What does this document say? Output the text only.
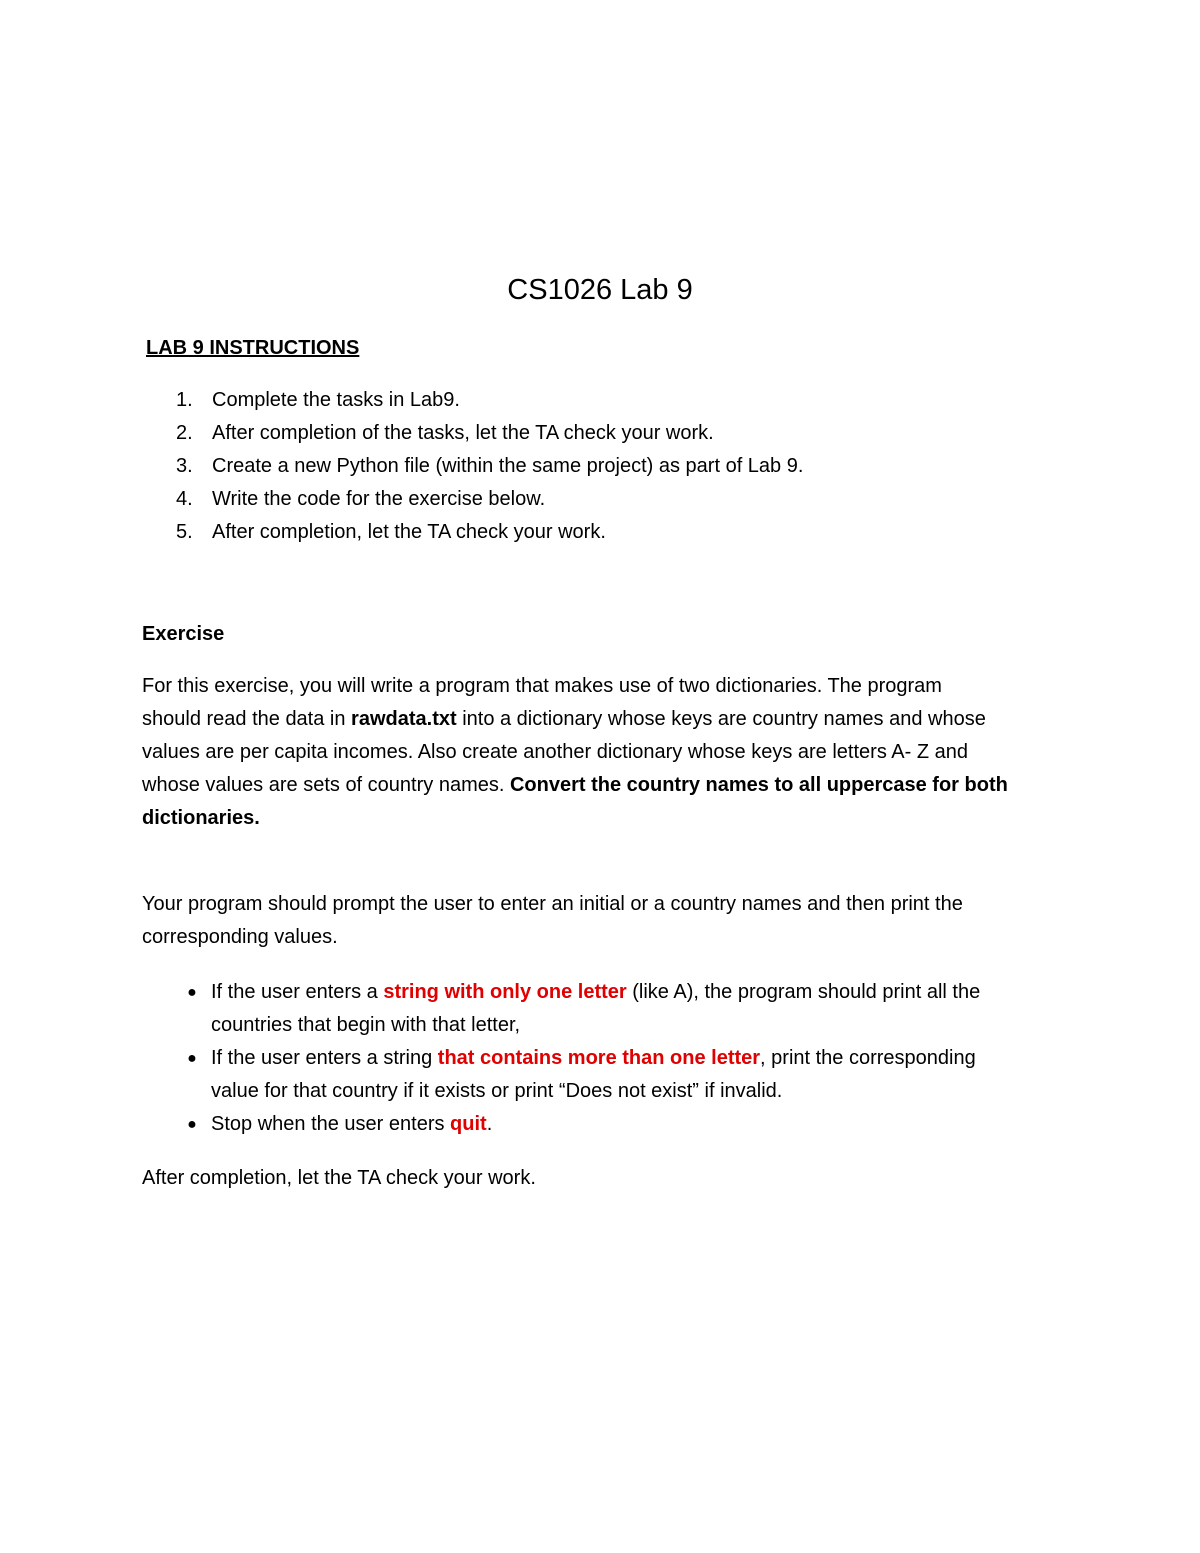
CS1026 Lab 9
LAB 9 INSTRUCTIONS
1. Complete the tasks in Lab9.
2. After completion of the tasks, let the TA check your work.
3. Create a new Python file (within the same project) as part of Lab 9.
4. Write the code for the exercise below.
5. After completion, let the TA check your work.
Exercise

For this exercise, you will write a program that makes use of two dictionaries. The program
should read the data in rawdata.txt into a dictionary whose keys are country names and whose
values are per capita incomes. Also create another dictionary whose keys are letters A- Z and
whose values are sets of country names. Convert the country names to all uppercase for both
dictionaries.

Your program should prompt the user to enter an initial or a country names and then print the
corresponding values.

● If the user enters a string with only one letter (like A), the program should print all the
countries that begin with that letter,
● If the user enters a string that contains more than one letter, print the corresponding
value for that country if it exists or print “Does not exist” if invalid.
● Stop when the user enters quit.

After completion, let the TA check your work.
